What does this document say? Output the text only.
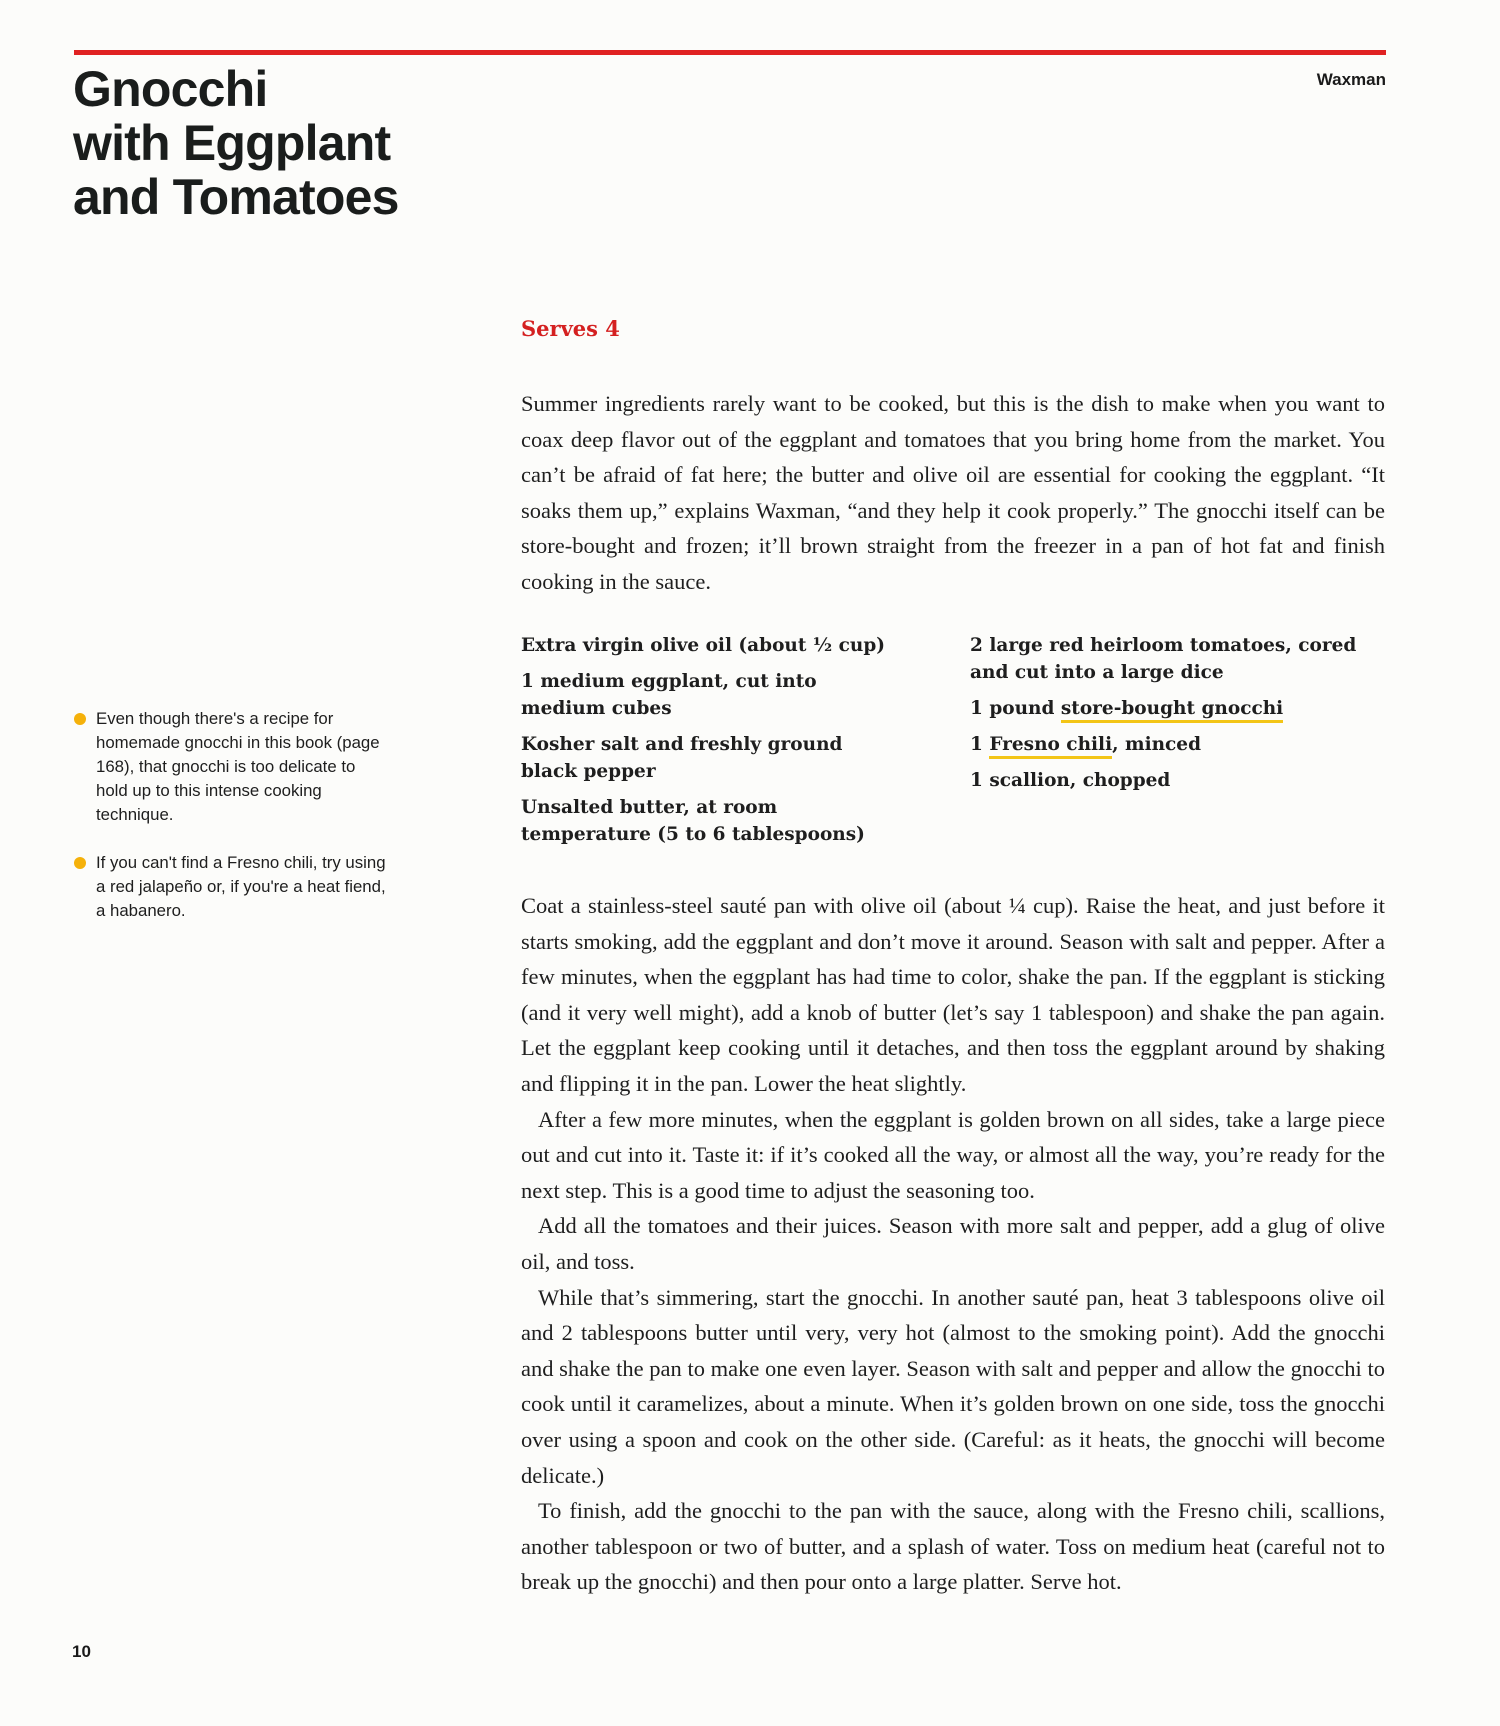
Gnocchi
with Eggplant
and Tomatoes
Waxman
Serves 4

Summer ingredients rarely want to be cooked, but this is the dish to make when you want to coax deep flavor out of the eggplant and tomatoes that you bring home from the market. You can’t be afraid of fat here; the butter and olive oil are essential for cooking the eggplant. “It soaks them up,” explains Waxman, “and they help it cook properly.” The gnocchi itself can be store-bought and frozen; it’ll brown straight from the freezer in a pan of hot fat and finish cooking in the sauce.

Extra virgin olive oil (about ½ cup)
1 medium eggplant, cut into medium cubes
Kosher salt and freshly ground black pepper
Unsalted butter, at room temperature (5 to 6 tablespoons)
2 large red heirloom tomatoes, cored and cut into a large dice
1 pound store-bought gnocchi
1 Fresno chili, minced
1 scallion, chopped

Coat a stainless-steel sauté pan with olive oil (about ¼ cup). Raise the heat, and just before it starts smoking, add the eggplant and don’t move it around. Season with salt and pepper. After a few minutes, when the eggplant has had time to color, shake the pan. If the eggplant is sticking (and it very well might), add a knob of butter (let’s say 1 tablespoon) and shake the pan again. Let the eggplant keep cooking until it detaches, and then toss the eggplant around by shaking and flipping it in the pan. Lower the heat slightly.

After a few more minutes, when the eggplant is golden brown on all sides, take a large piece out and cut into it. Taste it: if it’s cooked all the way, or almost all the way, you’re ready for the next step. This is a good time to adjust the seasoning too.

Add all the tomatoes and their juices. Season with more salt and pepper, add a glug of olive oil, and toss.

While that’s simmering, start the gnocchi. In another sauté pan, heat 3 tablespoons olive oil and 2 tablespoons butter until very, very hot (almost to the smoking point). Add the gnocchi and shake the pan to make one even layer. Season with salt and pepper and allow the gnocchi to cook until it caramelizes, about a minute. When it’s golden brown on one side, toss the gnocchi over using a spoon and cook on the other side. (Careful: as it heats, the gnocchi will become delicate.)

To finish, add the gnocchi to the pan with the sauce, along with the Fresno chili, scallions, another tablespoon or two of butter, and a splash of water. Toss on medium heat (careful not to break up the gnocchi) and then pour onto a large platter. Serve hot.

Even though there's a recipe for homemade gnocchi in this book (page 168), that gnocchi is too delicate to hold up to this intense cooking technique.
If you can't find a Fresno chili, try using a red jalapeño or, if you're a heat fiend, a habanero.
10
